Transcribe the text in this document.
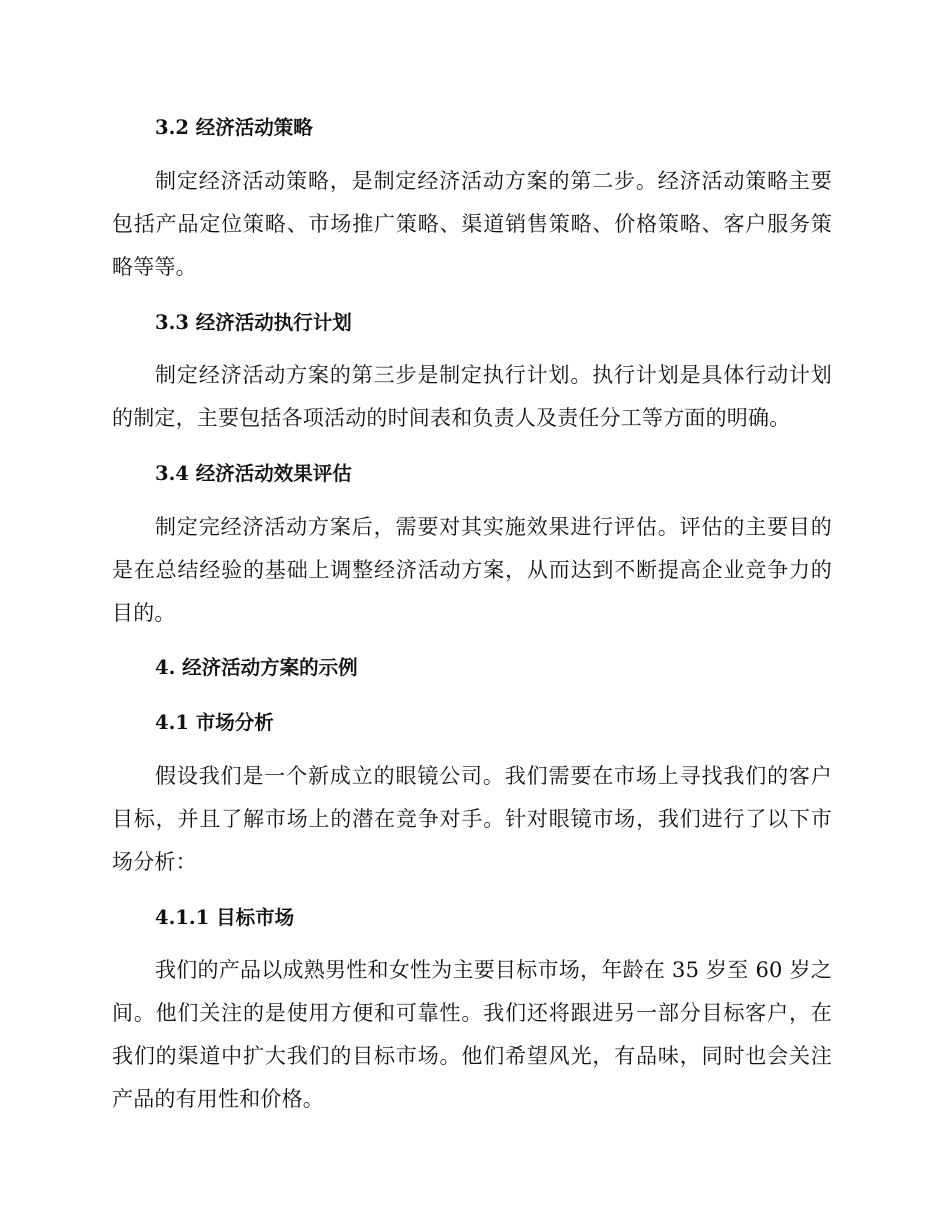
3.2 经济活动策略
制定经济活动策略，是制定经济活动方案的第二步。经济活动策略主要包括产品定位策略、市场推广策略、渠道销售策略、价格策略、客户服务策略等等。
3.3 经济活动执行计划
制定经济活动方案的第三步是制定执行计划。执行计划是具体行动计划的制定，主要包括各项活动的时间表和负责人及责任分工等方面的明确。
3.4 经济活动效果评估
制定完经济活动方案后，需要对其实施效果进行评估。评估的主要目的是在总结经验的基础上调整经济活动方案，从而达到不断提高企业竞争力的目的。
4. 经济活动方案的示例
4.1 市场分析
假设我们是一个新成立的眼镜公司。我们需要在市场上寻找我们的客户目标，并且了解市场上的潜在竞争对手。针对眼镜市场，我们进行了以下市场分析：
4.1.1 目标市场
我们的产品以成熟男性和女性为主要目标市场，年龄在 35 岁至 60 岁之间。他们关注的是使用方便和可靠性。我们还将跟进另一部分目标客户，在我们的渠道中扩大我们的目标市场。他们希望风光，有品味，同时也会关注产品的有用性和价格。
